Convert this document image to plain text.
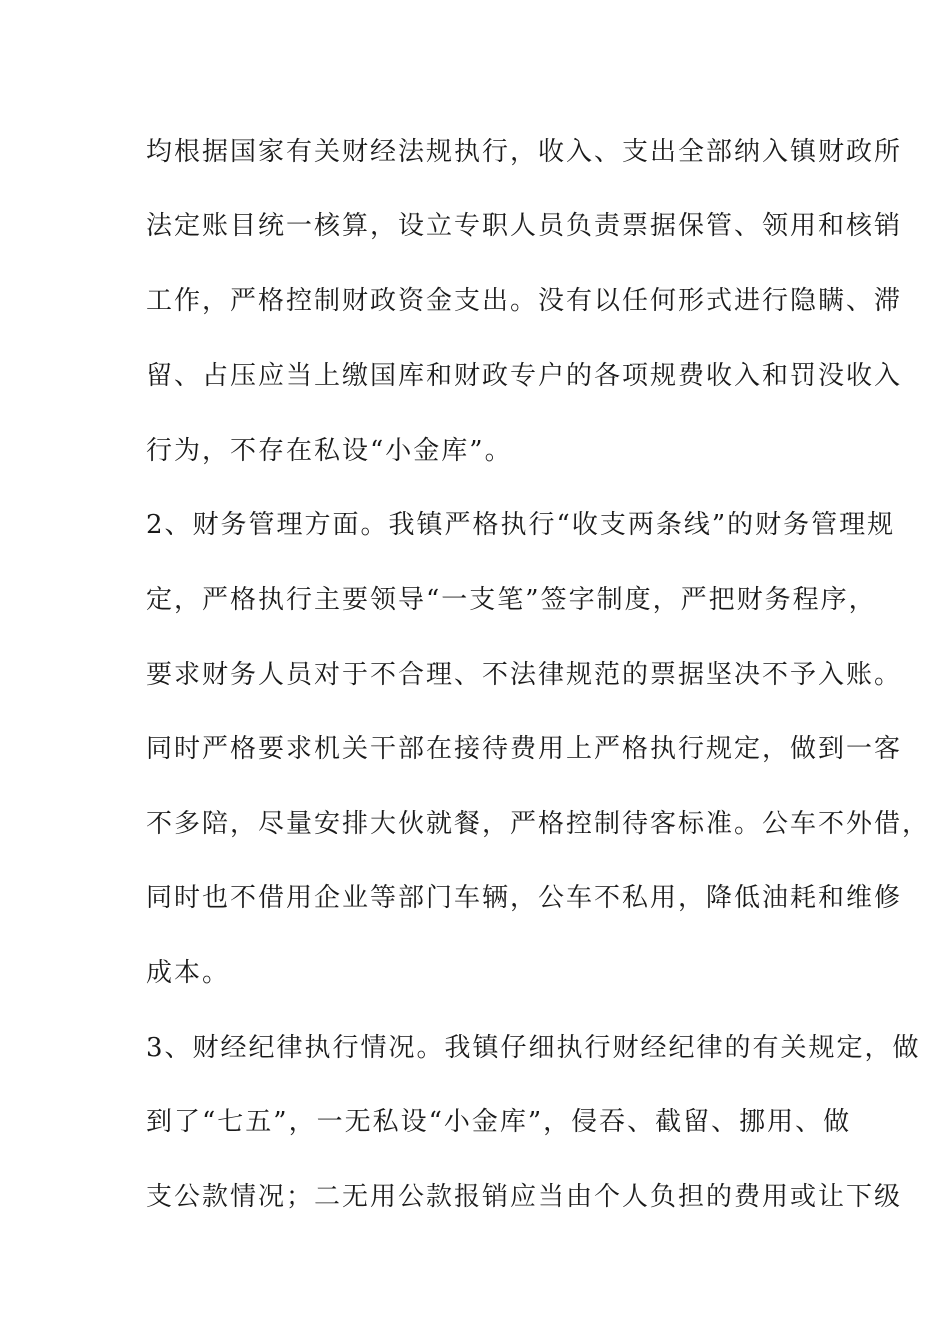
均根据国家有关财经法规执行，收入、支出全部纳入镇财政所
法定账目统一核算，设立专职人员负责票据保管、领用和核销
工作，严格控制财政资金支出。没有以任何形式进行隐瞒、滞
留、占压应当上缴国库和财政专户的各项规费收入和罚没收入
行为，不存在私设“小金库”。
2、财务管理方面。我镇严格执行“收支两条线”的财务管理规
定，严格执行主要领导“一支笔”签字制度，严把财务程序，
要求财务人员对于不合理、不法律规范的票据坚决不予入账。
同时严格要求机关干部在接待费用上严格执行规定，做到一客
不多陪，尽量安排大伙就餐，严格控制待客标准。公车不外借，
同时也不借用企业等部门车辆，公车不私用，降低油耗和维修
成本。
3、财经纪律执行情况。我镇仔细执行财经纪律的有关规定，做
到了“七五”，一无私设“小金库”，侵吞、截留、挪用、做
支公款情况；二无用公款报销应当由个人负担的费用或让下级
